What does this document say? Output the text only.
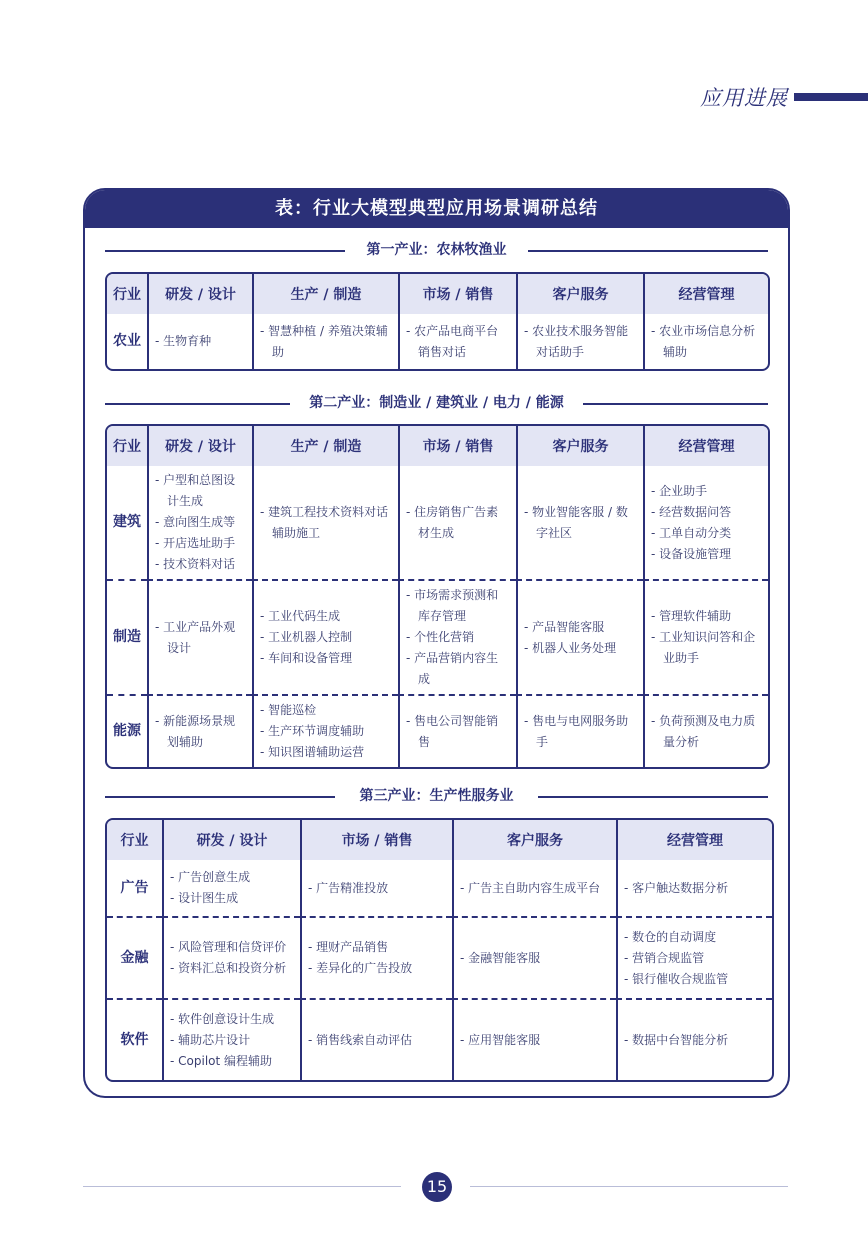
应用进展
表：行业大模型典型应用场景调研总结
第一产业：农林牧渔业
行业	研发 / 设计	生产 / 制造	市场 / 销售	客户服务	经营管理
农业	- 生物育种	- 智慧种植 / 养殖决策辅助	- 农产品电商平台销售对话	- 农业技术服务智能对话助手	- 农业市场信息分析辅助
第二产业：制造业 / 建筑业 / 电力 / 能源
行业	研发 / 设计	生产 / 制造	市场 / 销售	客户服务	经营管理
建筑	- 户型和总图设计生成
- 意向图生成等
- 开店选址助手
- 技术资料对话	- 建筑工程技术资料对话辅助施工	- 住房销售广告素材生成	- 物业智能客服 / 数字社区	- 企业助手
- 经营数据问答
- 工单自动分类
- 设备设施管理

制造	- 工业产品外观设计	- 工业代码生成
- 工业机器人控制
- 车间和设备管理	- 市场需求预测和库存管理
- 个性化营销
- 产品营销内容生成	- 产品智能客服
- 机器人业务处理	- 管理软件辅助
- 工业知识问答和企业助手

能源	- 新能源场景规划辅助	- 智能巡检
- 生产环节调度辅助
- 知识图谱辅助运营	- 售电公司智能销售	- 售电与电网服务助手	- 负荷预测及电力质量分析
第三产业：生产性服务业
行业	研发 / 设计	市场 / 销售	客户服务	经营管理
广告	- 广告创意生成
- 设计图生成	- 广告精准投放	- 广告主自助内容生成平台	- 客户触达数据分析

金融	- 风险管理和信贷评价
- 资料汇总和投资分析	- 理财产品销售
- 差异化的广告投放	- 金融智能客服	- 数仓的自动调度
- 营销合规监管
- 银行催收合规监管

软件	- 软件创意设计生成
- 辅助芯片设计
- Copilot 编程辅助	- 销售线索自动评估	- 应用智能客服	- 数据中台智能分析
15
